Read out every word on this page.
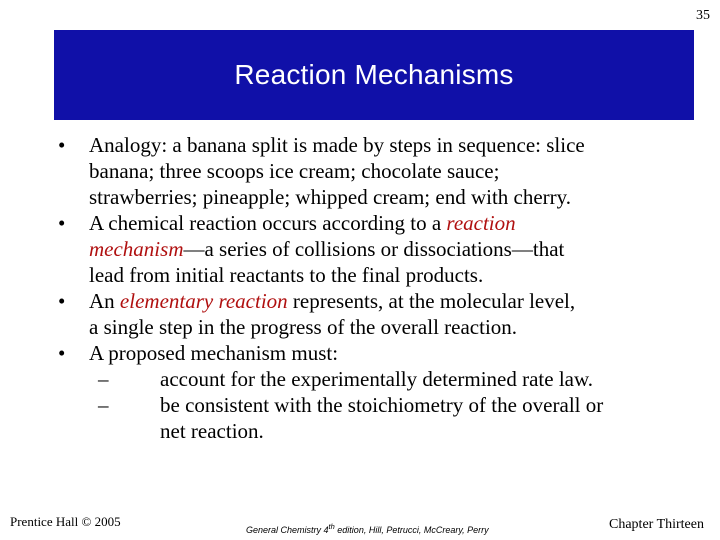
35
Reaction Mechanisms
• Analogy: a banana split is made by steps in sequence: slice

banana; three scoops ice cream; chocolate sauce;

strawberries; pineapple; whipped cream; end with cherry.

• A chemical reaction occurs according to a reaction

mechanism—a series of collisions or dissociations—that

lead from initial reactants to the final products.

• An elementary reaction represents, at the molecular level,

a single step in the progress of the overall reaction.

• A proposed mechanism must:

– account for the experimentally determined rate law.

– be consistent with the stoichiometry of the overall or

net reaction.

Prentice Hall © 2005
General Chemistry 4th edition, Hill, Petrucci, McCreary, Perry	Chapter Thirteen
